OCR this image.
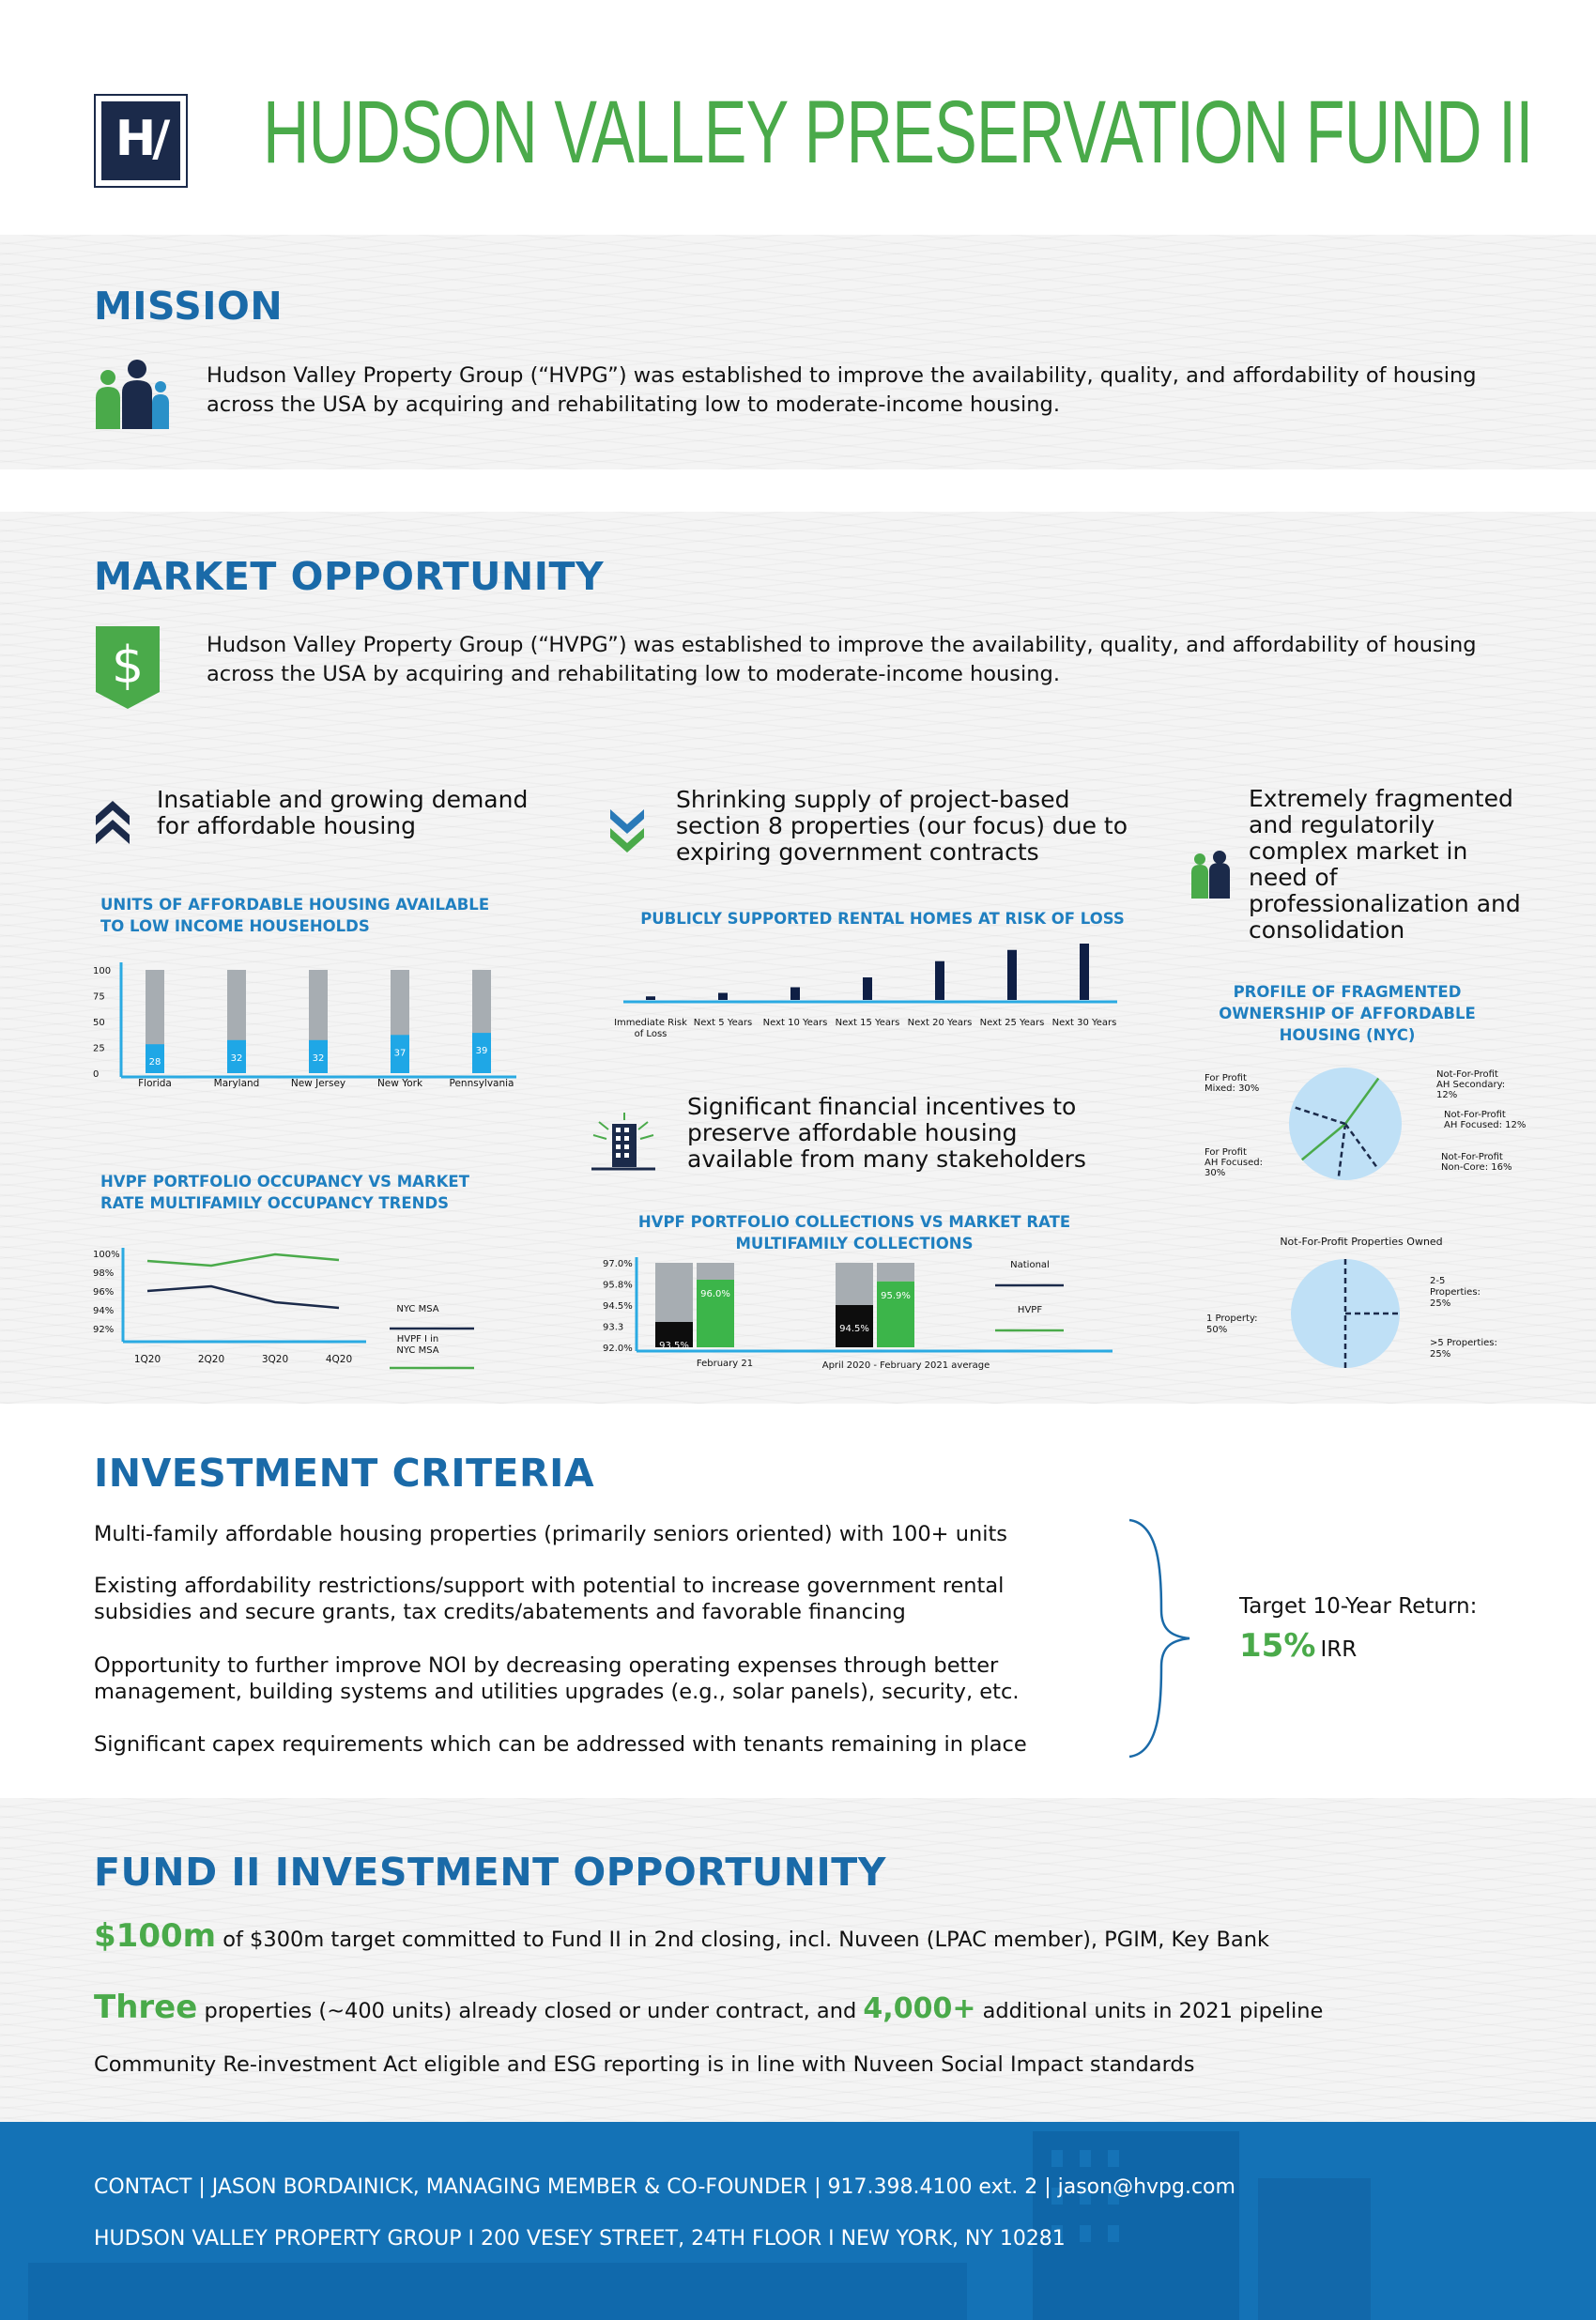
H/ HUDSON VALLEY PRESERVATION FUND II
MISSION
Hudson Valley Property Group (“HVPG”) was established to improve the availability, quality, and affordability of housing across the USA by acquiring and rehabilitating low to moderate-income housing.
MARKET OPPORTUNITY
$	Hudson Valley Property Group (“HVPG”) was established to improve the availability, quality, and affordability of housing across the USA by acquiring and rehabilitating low to moderate-income housing.
Insatiable and growing demand for affordable housing
Shrinking supply of project-based section 8 properties (our focus) due to expiring government contracts
Extremely fragmented and regulatorily complex market in need of professionalization and consolidation
UNITS OF AFFORDABLE HOUSING AVAILABLE TO LOW INCOME HOUSEHOLDS
100
75
50
25
0
28
Florida
32
Maryland
32
New Jersey
37
New York
39
Pennsylvania
HVPF PORTFOLIO OCCUPANCY VS MARKET RATE MULTIFAMILY OCCUPANCY TRENDS
100%
98%
96%
94%
92%
1Q20	2Q20	3Q20	4Q20
NYC MSA
HVPF I in
NYC MSA
PUBLICLY SUPPORTED RENTAL HOMES AT RISK OF LOSS
Immediate Risk
of Loss
Next 5 Years Next 10 Years Next 15 Years Next 20 Years Next 25 Years Next 30 Years
Significant financial incentives to preserve affordable housing available from many stakeholders
HVPF PORTFOLIO COLLECTIONS VS MARKET RATE MULTIFAMILY COLLECTIONS
97.0%
95.8%
94.5%
93.3
92.0%	93.5%
96.0%
94.5%
95.9%
February 21	April 2020 - February 2021 average
National
HVPF
PROFILE OF FRAGMENTED OWNERSHIP OF AFFORDABLE HOUSING (NYC)
For Profit
Mixed: 30%
Not-For-Profit
AH Secondary:
12%
Not-For-Profit
AH Focused: 12%
For Profit
AH Focused:
30%
Not-For-Profit
Non-Core: 16%
Not-For-Profit Properties Owned
1 Property:
50%
2-5
Properties:
25%
>5 Properties:
25%
INVESTMENT CRITERIA
Multi-family affordable housing properties (primarily seniors oriented) with 100+ units
Existing affordability restrictions/support with potential to increase government rental subsidies and secure grants, tax credits/abatements and favorable financing
Opportunity to further improve NOI by decreasing operating expenses through better management, building systems and utilities upgrades (e.g., solar panels), security, etc.
Significant capex requirements which can be addressed with tenants remaining in place
Target 10-Year Return:
15% IRR
FUND II INVESTMENT OPPORTUNITY
$100m of $300m target committed to Fund II in 2nd closing, incl. Nuveen (LPAC member), PGIM, Key Bank
Three properties (~400 units) already closed or under contract, and 4,000+ additional units in 2021 pipeline
Community Re-investment Act eligible and ESG reporting is in line with Nuveen Social Impact standards
CONTACT | JASON BORDAINICK, MANAGING MEMBER & CO-FOUNDER | 917.398.4100 ext. 2 | jason@hvpg.com
HUDSON VALLEY PROPERTY GROUP I 200 VESEY STREET, 24TH FLOOR I NEW YORK, NY 10281
